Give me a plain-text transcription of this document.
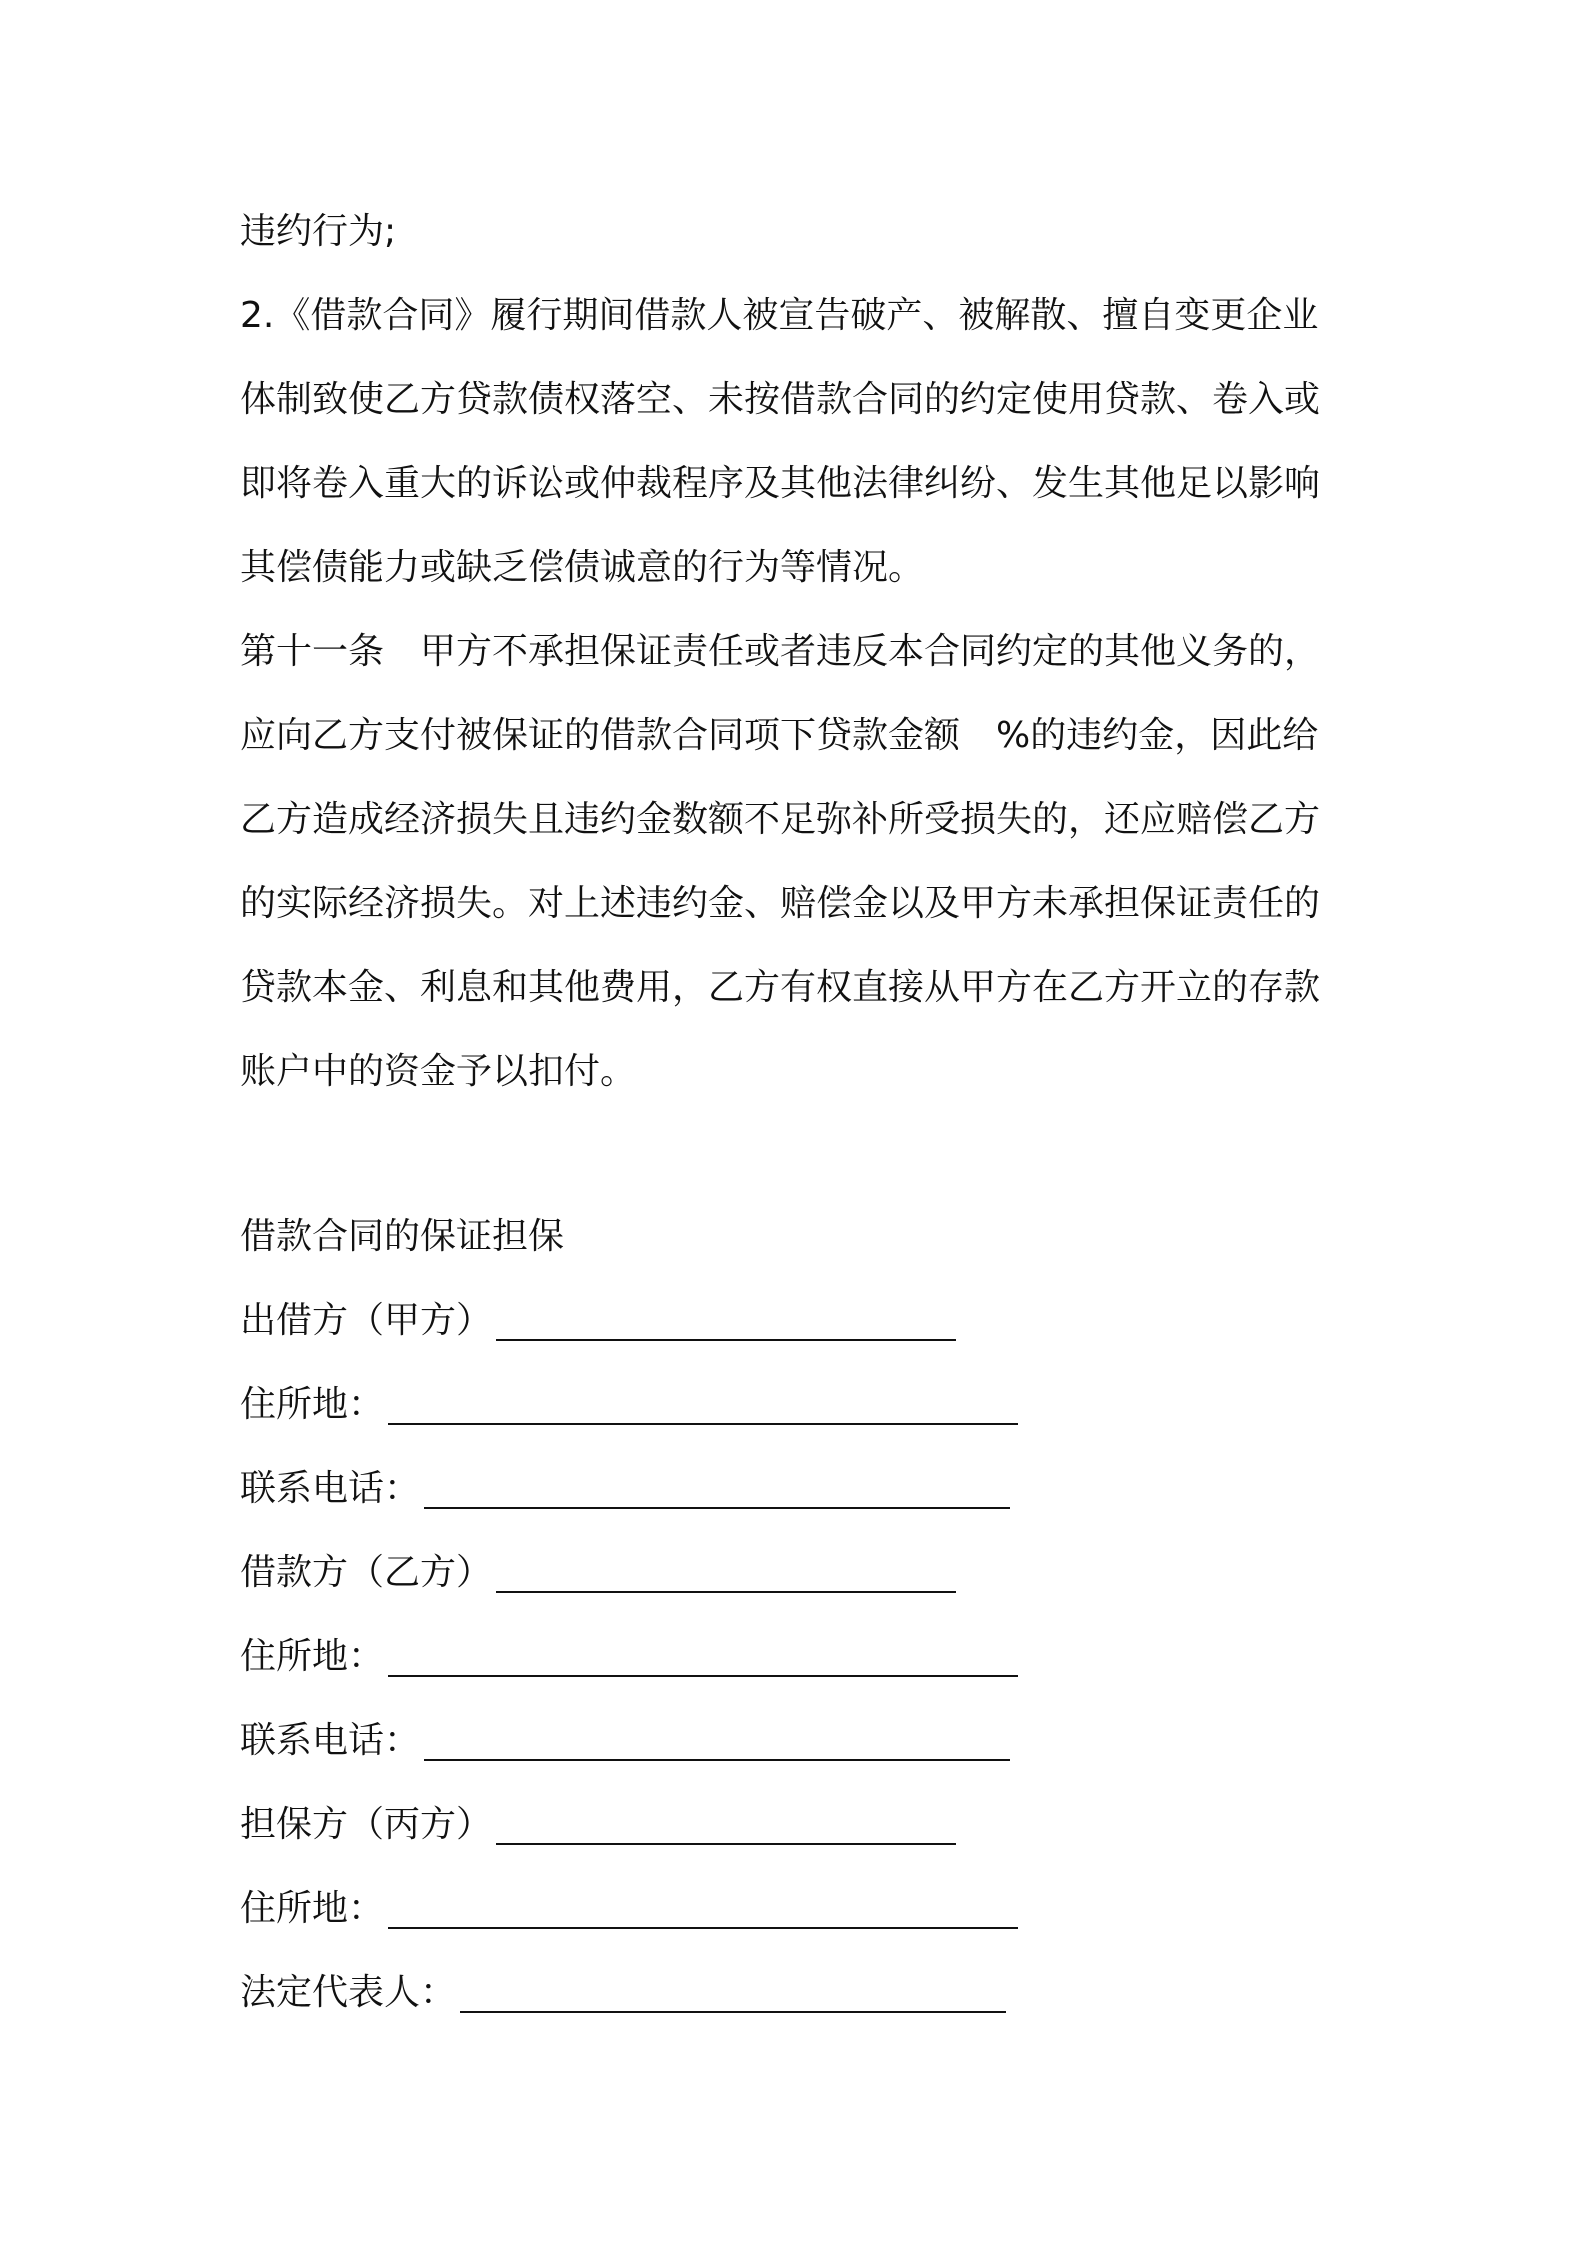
违约行为;
2.《借款合同》履行期间借款人被宣告破产、被解散、擅自变更企业
体制致使乙方贷款债权落空、未按借款合同的约定使用贷款、卷入或
即将卷入重大的诉讼或仲裁程序及其他法律纠纷、发生其他足以影响
其偿债能力或缺乏偿债诚意的行为等情况。
第十一条　甲方不承担保证责任或者违反本合同约定的其他义务的，
应向乙方支付被保证的借款合同项下贷款金额　%的违约金，因此给
乙方造成经济损失且违约金数额不足弥补所受损失的，还应赔偿乙方
的实际经济损失。对上述违约金、赔偿金以及甲方未承担保证责任的
贷款本金、利息和其他费用，乙方有权直接从甲方在乙方开立的存款
账户中的资金予以扣付。
借款合同的保证担保
出借方（甲方）
住所地：
联系电话：
借款方（乙方）
住所地：
联系电话：
担保方（丙方）
住所地：
法定代表人：
